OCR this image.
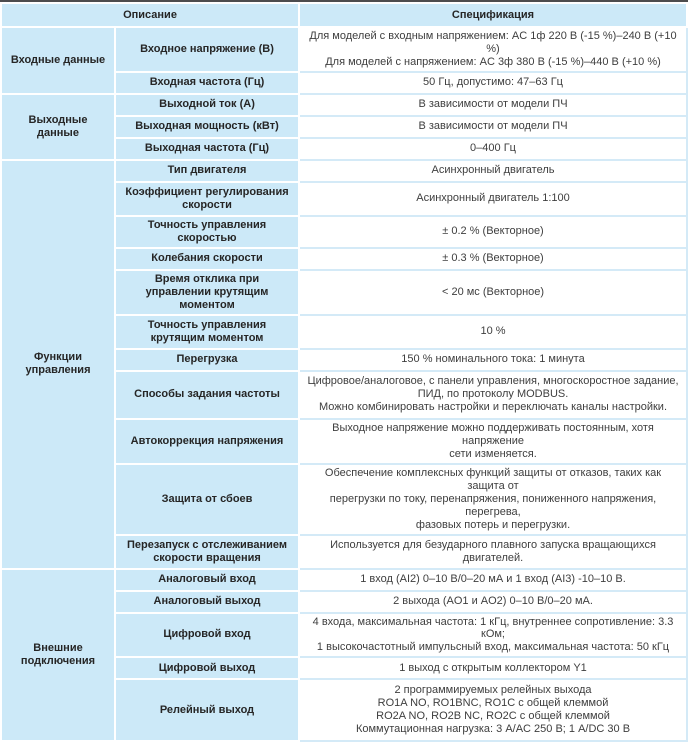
Описание		Спецификация
Входные данные	Входное напряжение (В)	Для моделей с входным напряжением: AC 1ф 220 В (-15 %)–240 В (+10 %)
Для моделей с напряжением: AC 3ф 380 В (-15 %)–440 В (+10 %)

	Входная частота (Гц)	50 Гц, допустимо: 47–63 Гц

Выходные данные	Выходной ток (А)	В зависимости от модели ПЧ

	Выходная мощность (кВт)	В зависимости от модели ПЧ

	Выходная частота (Гц)	0–400 Гц

Функции управления	Тип двигателя	Асинхронный двигатель

	Коэффициент регулирования скорости	Асинхронный двигатель 1:100

	Точность управления скоростью	± 0.2 % (Векторное)

	Колебания скорости	± 0.3 % (Векторное)

	Время отклика при управлении крутящим моментом	< 20 мс (Векторное)

	Точность управления крутящим моментом	10 %

	Перегрузка	150 % номинального тока: 1 минута

	Способы задания частоты	Цифровое/аналоговое, с панели управления, многоскоростное задание,
ПИД, по протоколу MODBUS.
Можно комбинировать настройки и переключать каналы настройки.

	Автокоррекция напряжения	Выходное напряжение можно поддерживать постоянным, хотя напряжение
сети изменяется.

	Защита от сбоев	Обеспечение комплексных функций защиты от отказов, таких как защита от
перегрузки по току, перенапряжения, пониженного напряжения, перегрева,
фазовых потерь и перегрузки.

	Перезапуск с отслеживанием скорости вращения	Используется для безударного плавного запуска вращающихся двигателей.

Внешние подключения	Аналоговый вход	1 вход (AI2) 0–10 В/0–20 мА и 1 вход (AI3) -10–10 В.

	Аналоговый выход	2 выхода (AO1 и AO2) 0–10 В/0–20 мА.

	Цифровой вход	4 входа, максимальная частота: 1 кГц, внутреннее сопротивление: 3.3 кОм;
1 высокочастотный импульсный вход, максимальная частота: 50 кГц

	Цифровой выход	1 выход с открытым коллектором Y1

	Релейный выход	2 программируемых релейных выхода
RO1A NO, RO1BNC, RO1C с общей клеммой
RO2A NO, RO2B NC, RO2C с общей клеммой
Коммутационная нагрузка: 3 А/AC 250 В; 1 А/DC 30 В
